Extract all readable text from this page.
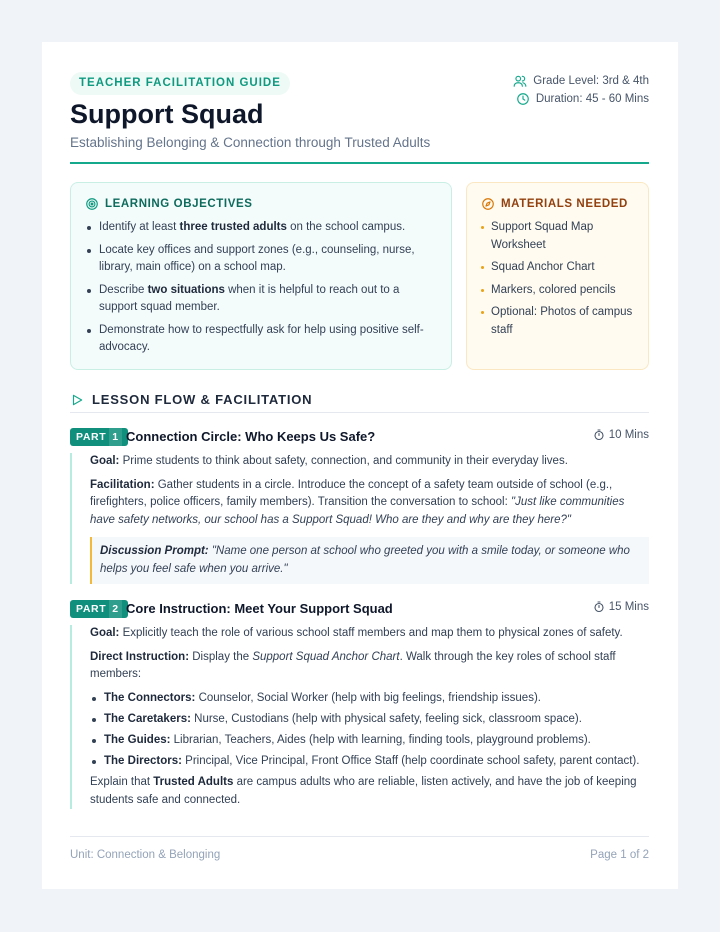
TEACHER FACILITATION GUIDE	Grade Level: 3rd & 4th
Duration: 45 - 60 Mins
Support Squad
Establishing Belonging & Connection through Trusted Adults
LEARNING OBJECTIVES
Identify at least three trusted adults on the school campus.
Locate key offices and support zones (e.g., counseling, nurse, library, main office) on a school map.
Describe two situations when it is helpful to reach out to a support squad member.
Demonstrate how to respectfully ask for help using positive self-advocacy.
MATERIALS NEEDED
Support Squad Map Worksheet
Squad Anchor Chart
Markers, colored pencils
Optional: Photos of campus staff
LESSON FLOW & FACILITATION
PART 1 Connection Circle: Who Keeps Us Safe?	10 Mins

Goal: Prime students to think about safety, connection, and community in their everyday lives.

Facilitation: Gather students in a circle. Introduce the concept of a safety team outside of school (e.g., firefighters, police officers, family members). Transition the conversation to school: "Just like communities have safety networks, our school has a Support Squad! Who are they and why are they here?"

Discussion Prompt: "Name one person at school who greeted you with a smile today, or someone who helps you feel safe when you arrive."
PART 2 Core Instruction: Meet Your Support Squad	15 Mins

Goal: Explicitly teach the role of various school staff members and map them to physical zones of safety.

Direct Instruction: Display the Support Squad Anchor Chart. Walk through the key roles of school staff members:

The Connectors: Counselor, Social Worker (help with big feelings, friendship issues).
The Caretakers: Nurse, Custodians (help with physical safety, feeling sick, classroom space).
The Guides: Librarian, Teachers, Aides (help with learning, finding tools, playground problems).
The Directors: Principal, Vice Principal, Front Office Staff (help coordinate school safety, parent contact).

Explain that Trusted Adults are campus adults who are reliable, listen actively, and have the job of keeping students safe and connected.

Unit: Connection & Belonging	Page 1 of 2
